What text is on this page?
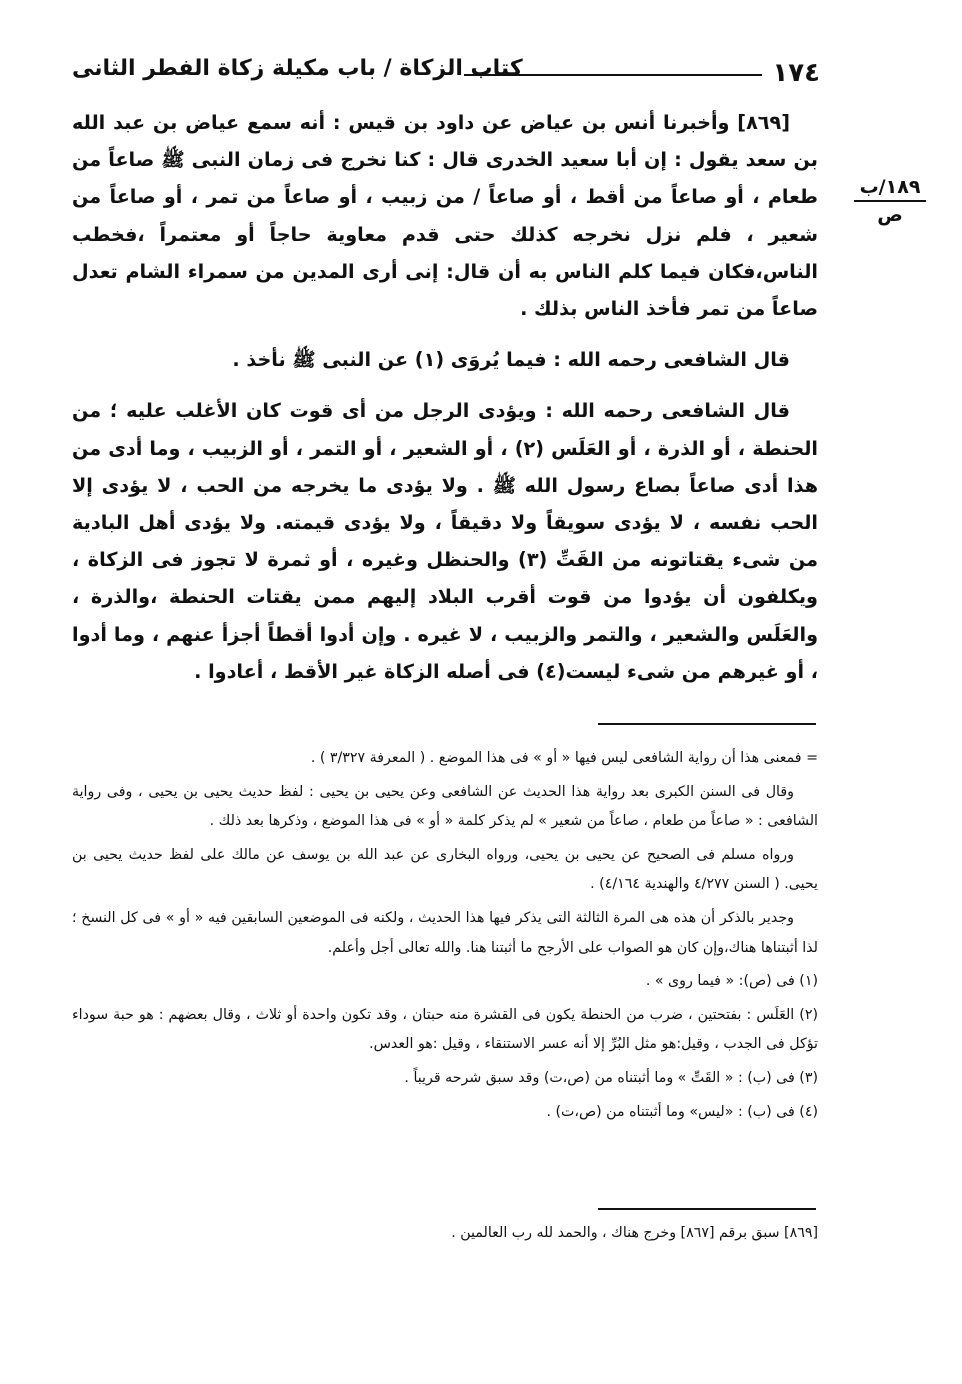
١٧٤
كتاب الزكاة / باب مكيلة زكاة الفطر الثانى
١٨٩/ب
ص

[٨٦٩] وأخبرنا أنس بن عياض عن داود بن قيس : أنه سمع عياض بن عبد الله بن سعد يقول : إن أبا سعيد الخدرى قال : كنا نخرج فى زمان النبى ﷺ صاعاً من طعام ، أو صاعاً من أقط ، أو صاعاً / من زبيب ، أو صاعاً من تمر ، أو صاعاً من شعير ، فلم نزل نخرجه كذلك حتى قدم معاوية حاجاً أو معتمراً ،فخطب الناس،فكان فيما كلم الناس به أن قال: إنى أرى المدين من سمراء الشام تعدل صاعاً من تمر فأخذ الناس بذلك .

قال الشافعى رحمه الله : فيما يُروَى (١) عن النبى ﷺ نأخذ .

قال الشافعى رحمه الله : ويؤدى الرجل من أى قوت كان الأغلب عليه ؛ من الحنطة ، أو الذرة ، أو العَلَس (٢) ، أو الشعير ، أو التمر ، أو الزبيب ، وما أدى من هذا أدى صاعاً بصاع رسول الله ﷺ . ولا يؤدى ما يخرجه من الحب ، لا يؤدى إلا الحب نفسه ، لا يؤدى سويقاً ولا دقيقاً ، ولا يؤدى قيمته. ولا يؤدى أهل البادية من شىء يقتاتونه من القَتِّ (٣) والحنظل وغيره ، أو ثمرة لا تجوز فى الزكاة ، ويكلفون أن يؤدوا من قوت أقرب البلاد إليهم ممن يقتات الحنطة ،والذرة ، والعَلَس والشعير ، والتمر والزبيب ، لا غيره . وإن أدوا أقطاً أجزأ عنهم ، وما أدوا ، أو غيرهم من شىء ليست(٤) فى أصله الزكاة غير الأقط ، أعادوا .

= فمعنى هذا أن رواية الشافعى ليس فيها « أو » فى هذا الموضع . ( المعرفة ٣/٣٢٧ ) .

وقال فى السنن الكبرى بعد رواية هذا الحديث عن الشافعى وعن يحيى بن يحيى : لفظ حديث يحيى بن يحيى ، وفى رواية الشافعى : « صاعاً من طعام ، صاعاً من شعير » لم يذكر كلمة « أو » فى هذا الموضع ، وذكرها بعد ذلك .

ورواه مسلم فى الصحيح عن يحيى بن يحيى، ورواه البخارى عن عبد الله بن يوسف عن مالك على لفظ حديث يحيى بن يحيى. ( السنن ٤/٢٧٧ والهندية ٤/١٦٤) .

وجدير بالذكر أن هذه هى المرة الثالثة التى يذكر فيها هذا الحديث ، ولكنه فى الموضعين السابقين فيه « أو » فى كل النسخ ؛ لذا أثبتناها هناك،وإن كان هو الصواب على الأرجح ما أثبتنا هنا. والله تعالى أجل وأعلم.

(١) فى (ص): « فيما روى » .

(٢) العَلَس : بفتحتين ، ضرب من الحنطة يكون فى القشرة منه حبتان ، وقد تكون واحدة أو ثلاث ، وقال بعضهم : هو حبة سوداء تؤكل فى الجدب ، وقيل:هو مثل البُرِّ إلا أنه عسر الاستنقاء ، وقيل :هو العدس.

(٣) فى (ب) : « القَتِّ » وما أثبتناه من (ص،ت) وقد سبق شرحه قريباً .

(٤) فى (ب) : «ليس» وما أثبتناه من (ص،ت) .

[٨٦٩] سبق برقم [٨٦٧] وخرج هناك ، والحمد لله رب العالمين .
